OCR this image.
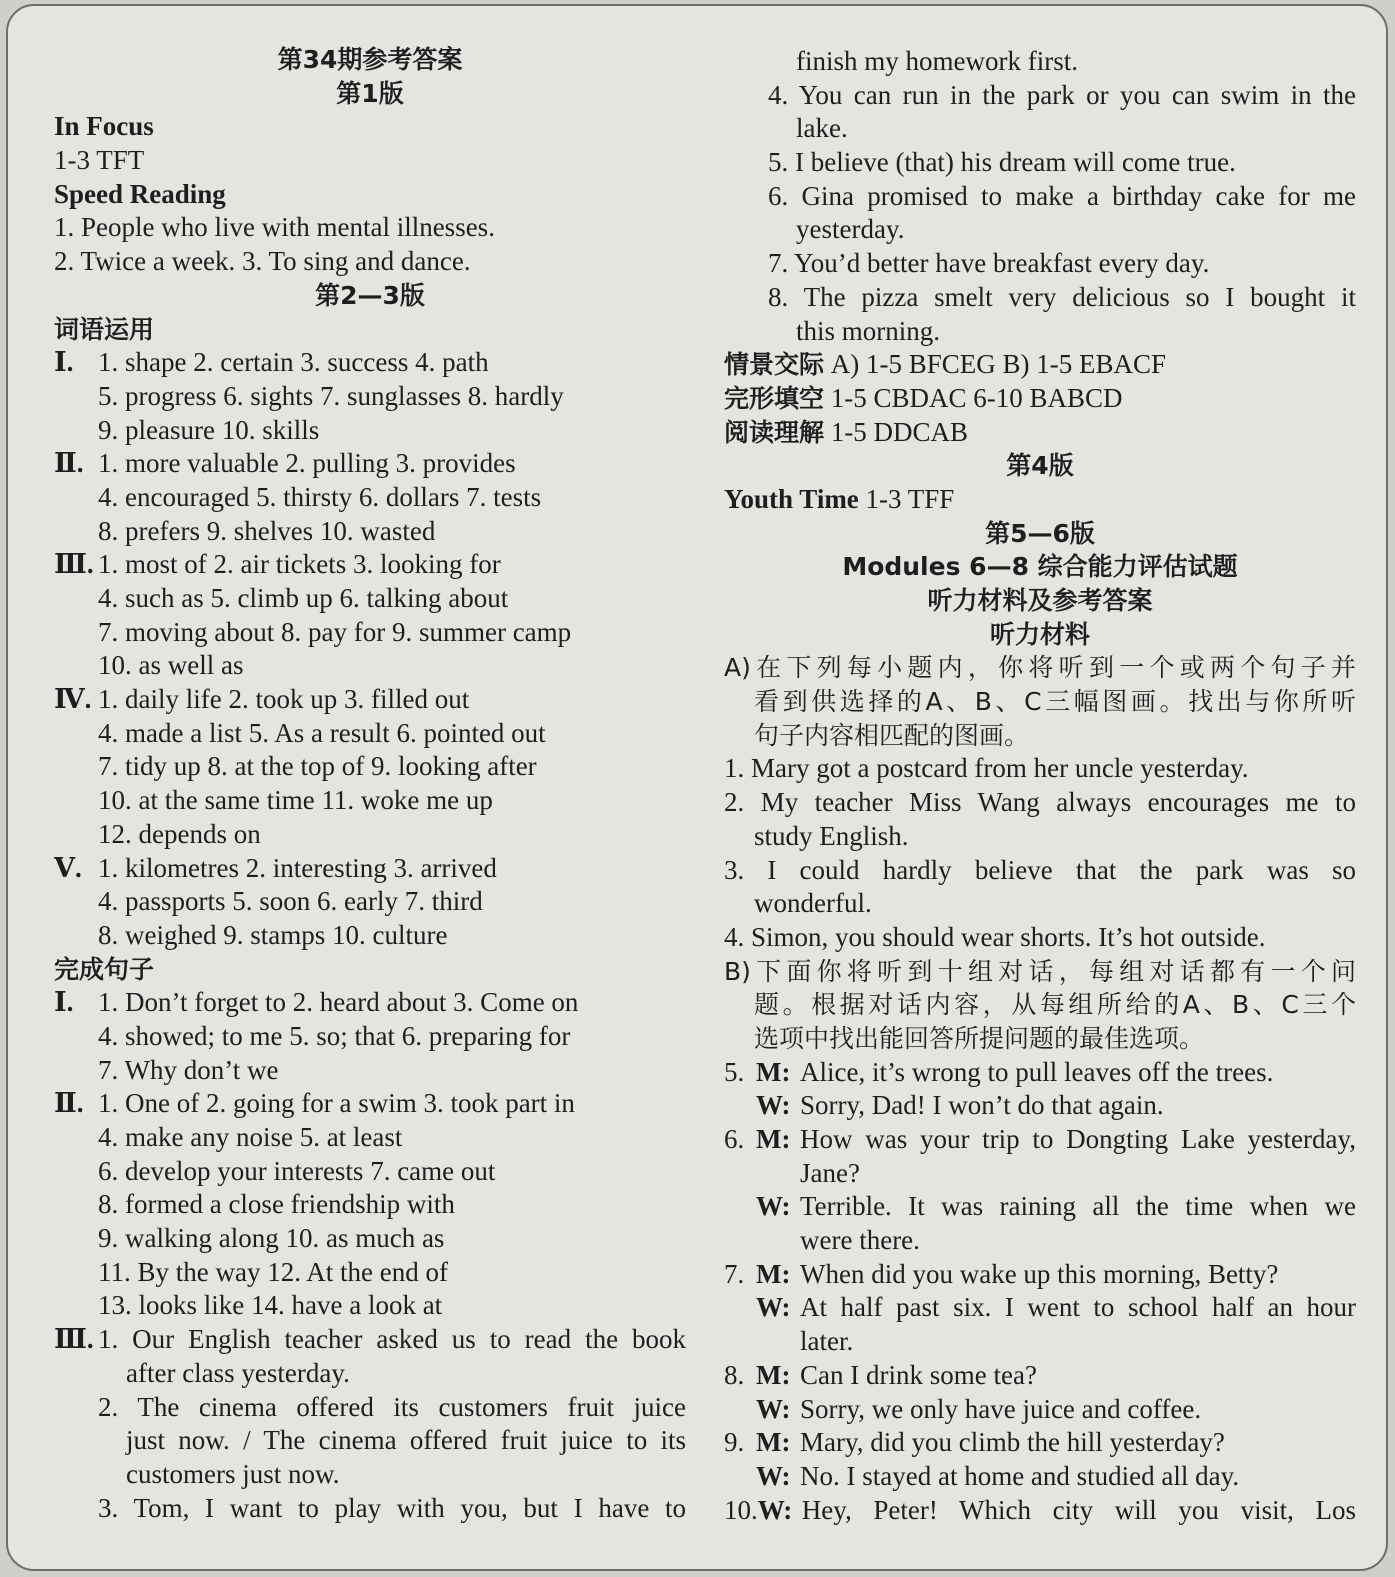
第34期参考答案
第1版
In Focus
1-3 TFT
Speed Reading
1. People who live with mental illnesses.
2. Twice a week. 3. To sing and dance.
第2—3版
词语运用
Ⅰ. 1. shape 2. certain 3. success 4. path
5. progress 6. sights 7. sunglasses 8. hardly
9. pleasure 10. skills
Ⅱ. 1. more valuable 2. pulling 3. provides
4. encouraged 5. thirsty 6. dollars 7. tests
8. prefers 9. shelves 10. wasted
Ⅲ. 1. most of 2. air tickets 3. looking for
4. such as 5. climb up 6. talking about
7. moving about 8. pay for 9. summer camp
10. as well as
Ⅳ. 1. daily life 2. took up 3. filled out
4. made a list 5. As a result 6. pointed out
7. tidy up 8. at the top of 9. looking after
10. at the same time 11. woke me up
12. depends on
Ⅴ. 1. kilometres 2. interesting 3. arrived
4. passports 5. soon 6. early 7. third
8. weighed 9. stamps 10. culture
完成句子
Ⅰ. 1. Don’t forget to 2. heard about 3. Come on
4. showed; to me 5. so; that 6. preparing for
7. Why don’t we
Ⅱ. 1. One of 2. going for a swim 3. took part in
4. make any noise 5. at least
6. develop your interests 7. came out
8. formed a close friendship with
9. walking along 10. as much as
11. By the way 12. At the end of
13. looks like 14. have a look at
Ⅲ. 1. Our English teacher asked us to read the book
after class yesterday.
2. The cinema offered its customers fruit juice
just now. / The cinema offered fruit juice to its
customers just now.
3. Tom, I want to play with you, but I have to
finish my homework first.
4. You can run in the park or you can swim in the
lake.
5. I believe (that) his dream will come true.
6. Gina promised to make a birthday cake for me
yesterday.
7. You’d better have breakfast every day.
8. The pizza smelt very delicious so I bought it
this morning.
情景交际 A) 1-5 BFCEG B) 1-5 EBACF
完形填空 1-5 CBDAC 6-10 BABCD
阅读理解 1-5 DDCAB
第4版
Youth Time 1-3 TFF
第5—6版
Modules 6—8 综合能力评估试题
听力材料及参考答案
听力材料
A)在下列每小题内，你将听到一个或两个句子并
看到供选择的A、B、C三幅图画。找出与你所听
句子内容相匹配的图画。
1. Mary got a postcard from her uncle yesterday.
2. My teacher Miss Wang always encourages me to
study English.
3. I could hardly believe that the park was so
wonderful.
4. Simon, you should wear shorts. It’s hot outside.
B)下面你将听到十组对话，每组对话都有一个问
题。根据对话内容，从每组所给的A、B、C三个
选项中找出能回答所提问题的最佳选项。
5. M: Alice, it’s wrong to pull leaves off the trees.
W: Sorry, Dad! I won’t do that again.
6. M: How was your trip to Dongting Lake yesterday,
Jane?
W: Terrible. It was raining all the time when we
were there.
7. M: When did you wake up this morning, Betty?
W: At half past six. I went to school half an hour
later.
8. M: Can I drink some tea?
W: Sorry, we only have juice and coffee.
9. M: Mary, did you climb the hill yesterday?
W: No. I stayed at home and studied all day.
10. W: Hey, Peter! Which city will you visit, Los
